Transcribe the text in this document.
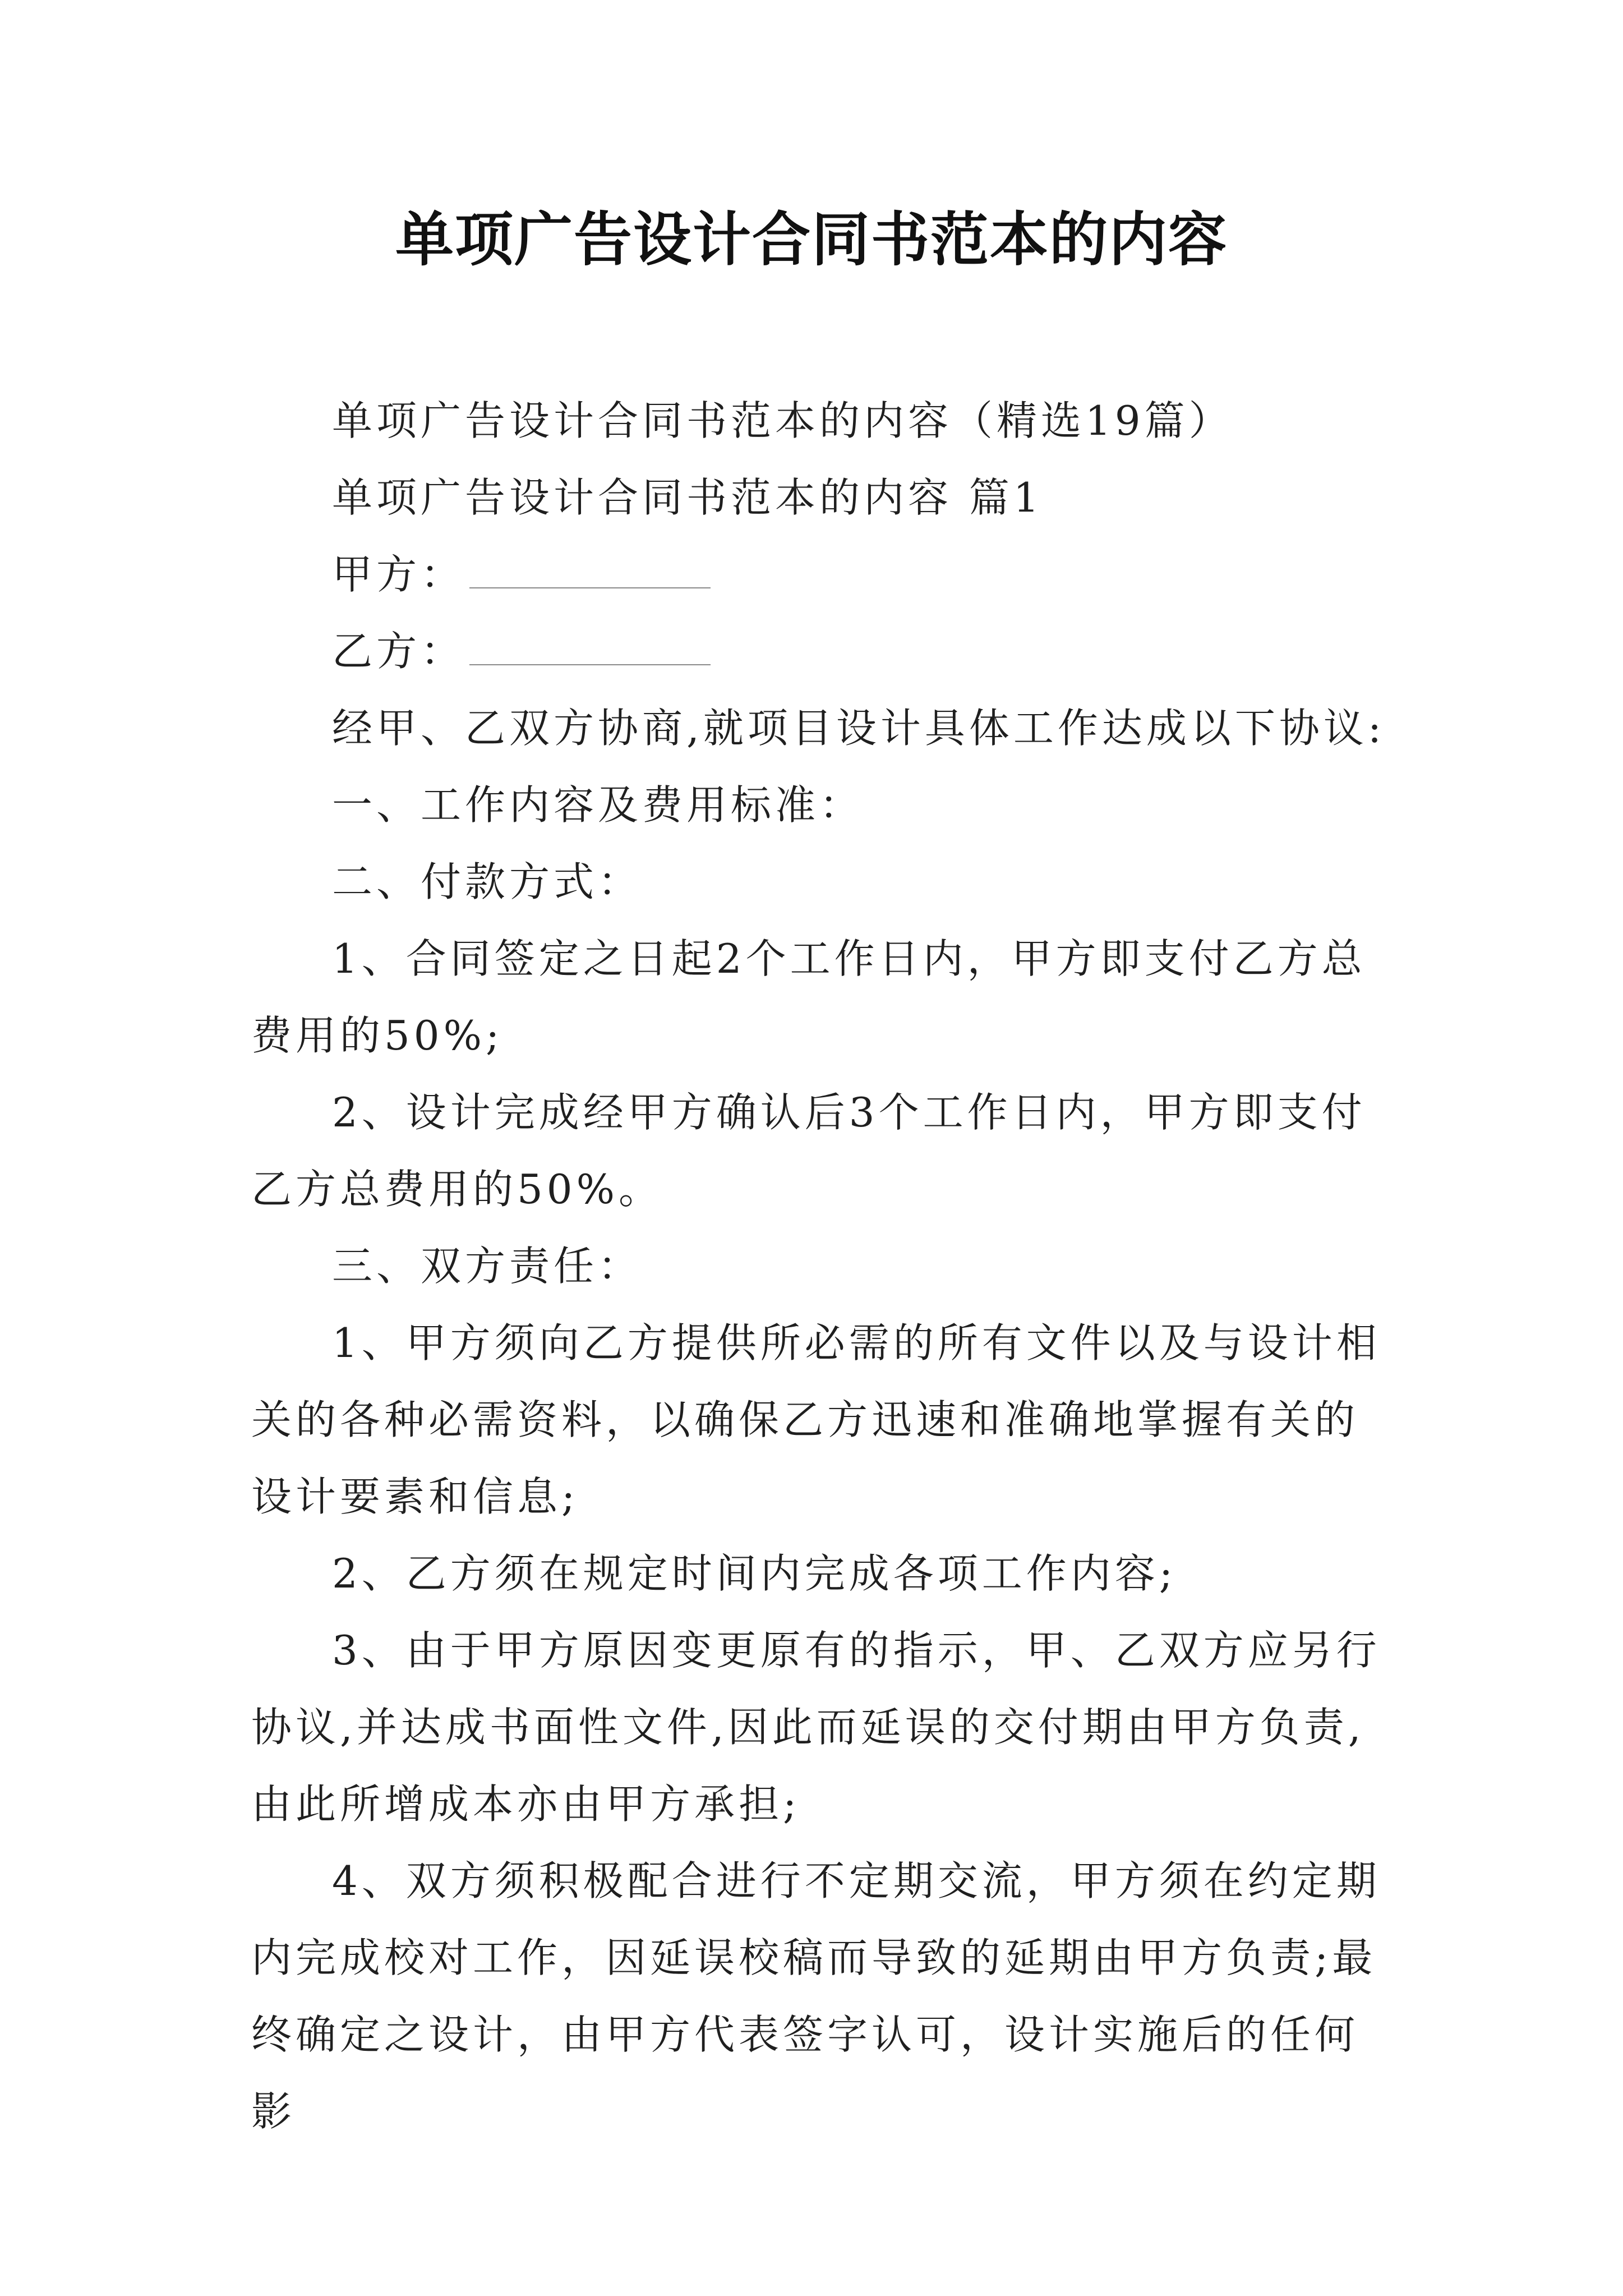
单项广告设计合同书范本的内容

单项广告设计合同书范本的内容（精选19篇）

单项广告设计合同书范本的内容 篇1

甲方：

乙方：

经甲、乙双方协商,就项目设计具体工作达成以下协议:

一、工作内容及费用标准：

二、付款方式：

1、合同签定之日起2个工作日内，甲方即支付乙方总费用的50%;

2、设计完成经甲方确认后3个工作日内，甲方即支付乙方总费用的50%。

三、双方责任：

1、甲方须向乙方提供所必需的所有文件以及与设计相关的各种必需资料，以确保乙方迅速和准确地掌握有关的设计要素和信息;

2、乙方须在规定时间内完成各项工作内容;

3、由于甲方原因变更原有的指示，甲、乙双方应另行协议,并达成书面性文件,因此而延误的交付期由甲方负责,由此所增成本亦由甲方承担;

4、双方须积极配合进行不定期交流，甲方须在约定期内完成校对工作，因延误校稿而导致的延期由甲方负责;最终确定之设计，由甲方代表签字认可，设计实施后的任何影
